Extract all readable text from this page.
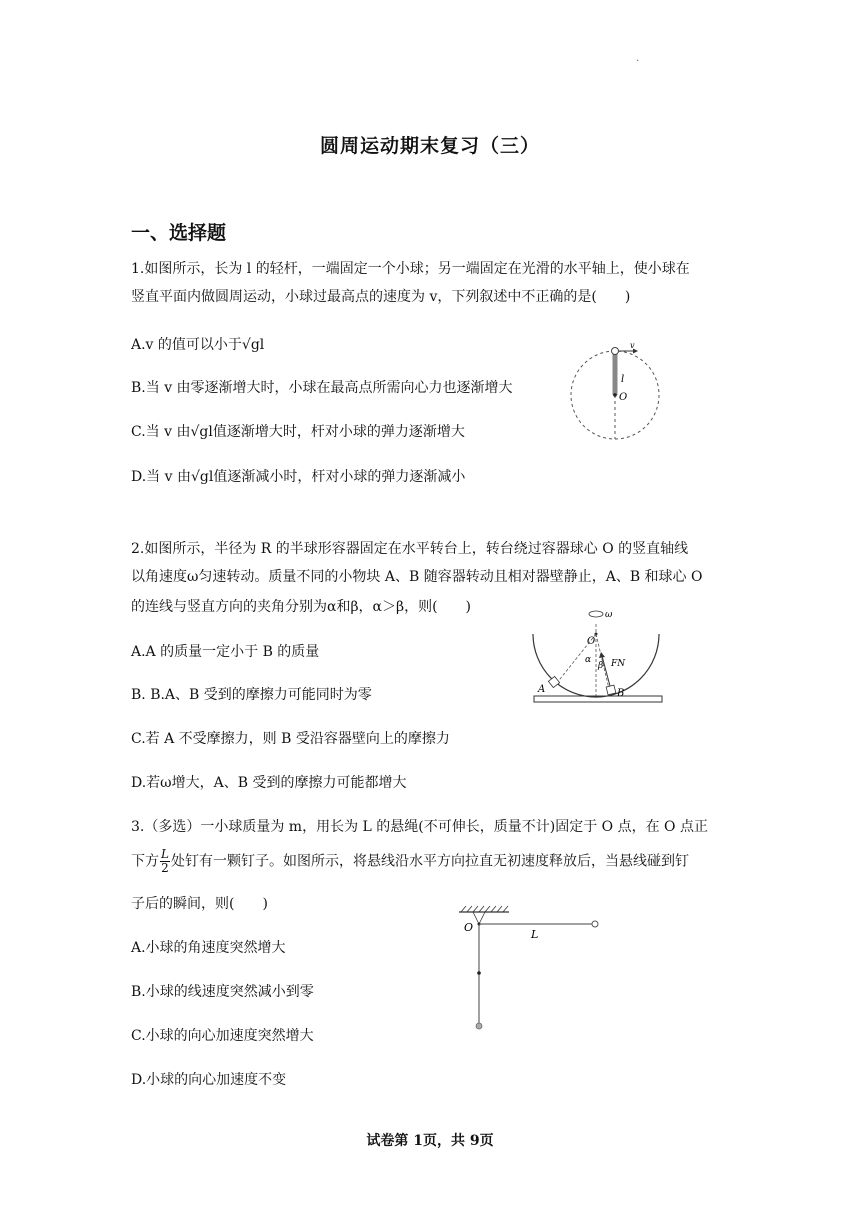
·
圆周运动期末复习（三）
一、选择题
1.如图所示，长为 l 的轻杆，一端固定一个小球；另一端固定在光滑的水平轴上，使小球在
竖直平面内做圆周运动，小球过最高点的速度为 v，下列叙述中不正确的是(　　)
A.v 的值可以小于√gl
B.当 v 由零逐渐增大时，小球在最高点所需向心力也逐渐增大
C.当 v 由√gl值逐渐增大时，杆对小球的弹力逐渐增大
D.当 v 由√gl值逐渐减小时，杆对小球的弹力逐渐减小
v
l
O
2.如图所示，半径为 R 的半球形容器固定在水平转台上，转台绕过容器球心 O 的竖直轴线
以角速度ω匀速转动。质量不同的小物块 A、B 随容器转动且相对器壁静止，A、B 和球心 O
的连线与竖直方向的夹角分别为α和β，α＞β，则(　　)
A.A 的质量一定小于 B 的质量
B. B.A、B 受到的摩擦力可能同时为零
C.若 A 不受摩擦力，则 B 受沿容器壁向上的摩擦力
D.若ω增大，A、B 受到的摩擦力可能都增大
ω
O
α
β FN
A	B
3.（多选）一小球质量为 m，用长为 L 的悬绳(不可伸长，质量不计)固定于 O 点，在 O 点正
下方 $\frac{L}{2}$ 处钉有一颗钉子。如图所示，将悬线沿水平方向拉直无初速度释放后，当悬线碰到钉
子后的瞬间，则(　　)
A.小球的角速度突然增大
B.小球的线速度突然减小到零
C.小球的向心加速度突然增大
D.小球的向心加速度不变
O
L
试卷第 1页，共 9页
